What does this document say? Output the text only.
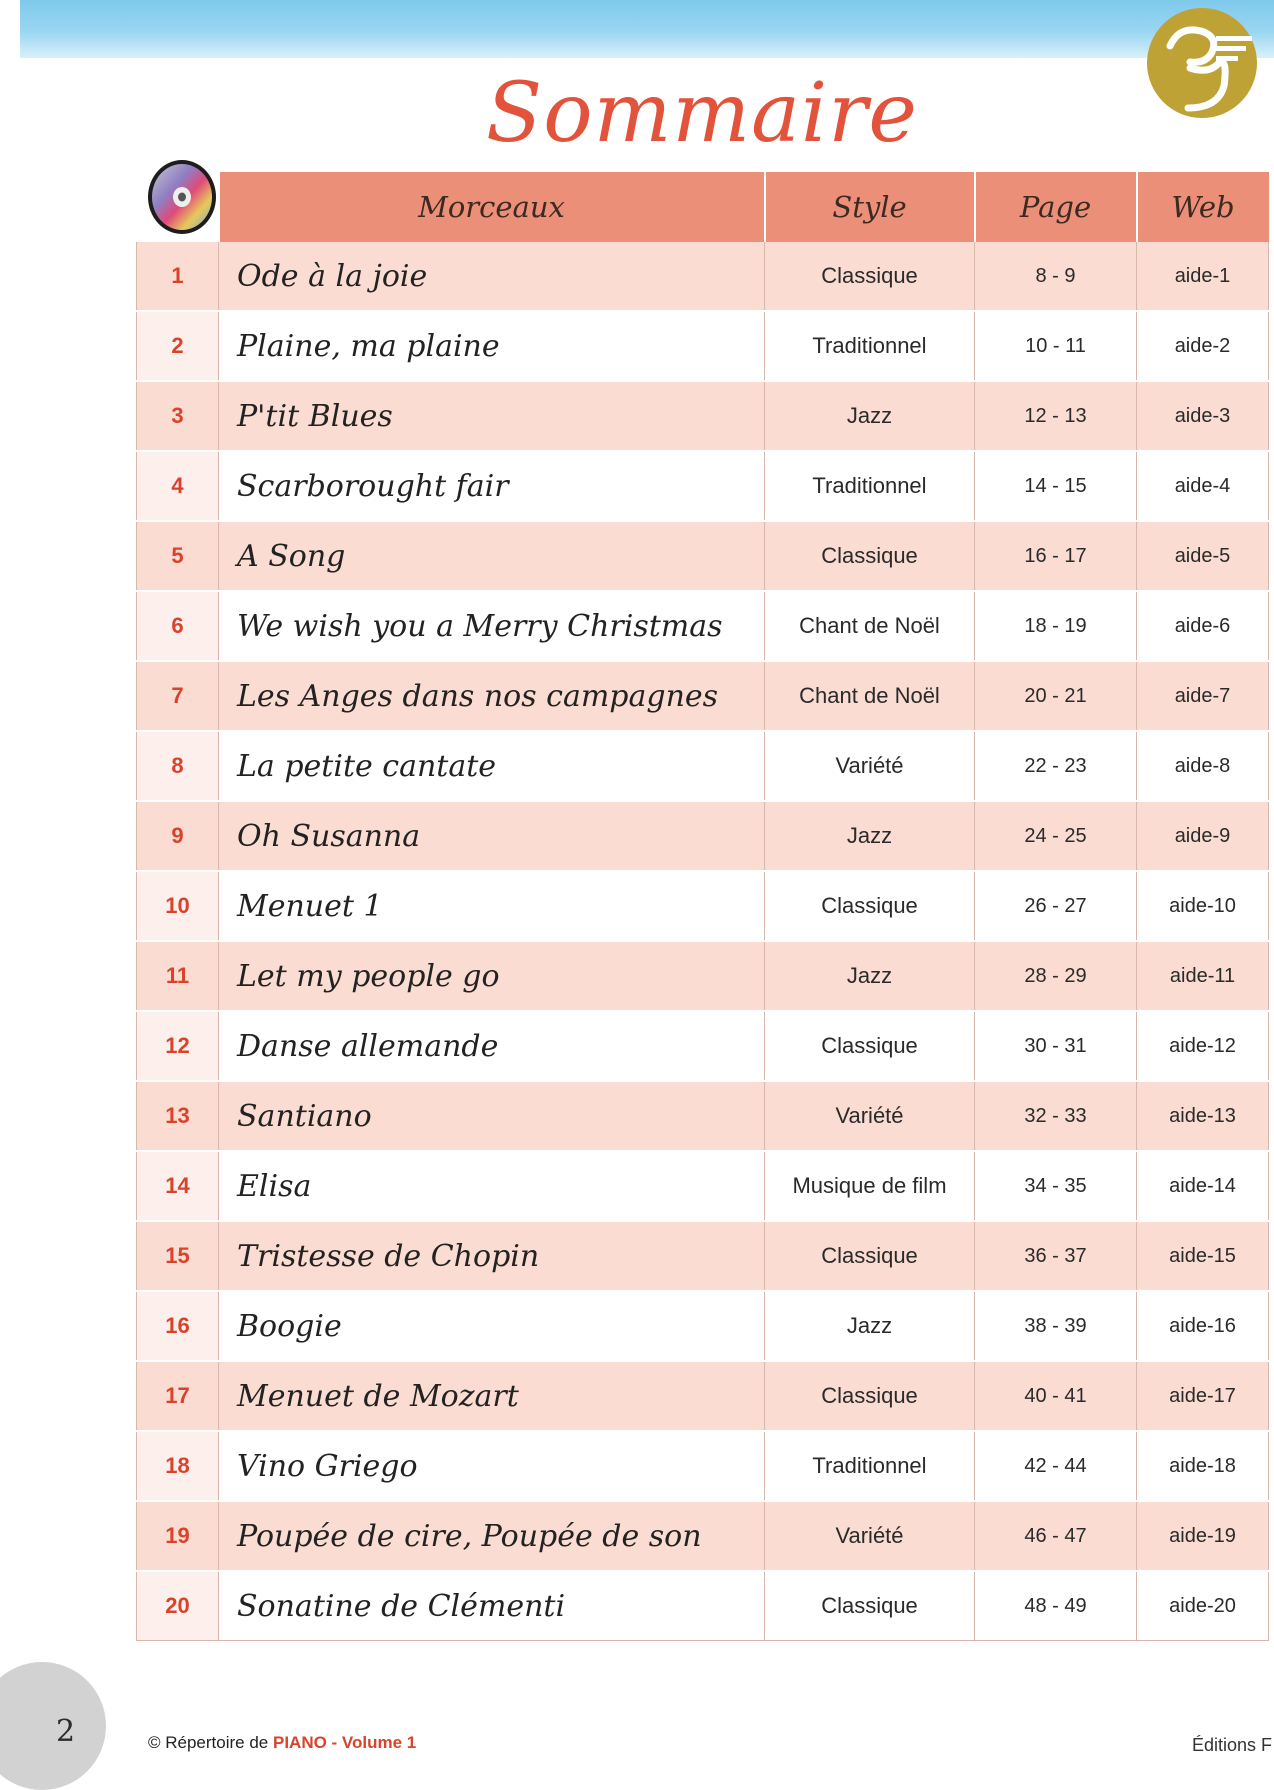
Sommaire
	Morceaux	Style	Page	Web
1	Ode à la joie	Classique	8 - 9	aide-1
2	Plaine, ma plaine	Traditionnel	10 - 11	aide-2
3	P'tit Blues	Jazz	12 - 13	aide-3
4	Scarborought fair	Traditionnel	14 - 15	aide-4
5	A Song	Classique	16 - 17	aide-5
6	We wish you a Merry Christmas	Chant de Noël	18 - 19	aide-6
7	Les Anges dans nos campagnes	Chant de Noël	20 - 21	aide-7
8	La petite cantate	Variété	22 - 23	aide-8
9	Oh Susanna	Jazz	24 - 25	aide-9
10	Menuet 1	Classique	26 - 27	aide-10
11	Let my people go	Jazz	28 - 29	aide-11
12	Danse allemande	Classique	30 - 31	aide-12
13	Santiano	Variété	32 - 33	aide-13
14	Elisa	Musique de film	34 - 35	aide-14
15	Tristesse de Chopin	Classique	36 - 37	aide-15
16	Boogie	Jazz	38 - 39	aide-16
17	Menuet de Mozart	Classique	40 - 41	aide-17
18	Vino Griego	Traditionnel	42 - 44	aide-18
19	Poupée de cire, Poupée de son	Variété	46 - 47	aide-19
20	Sonatine de Clémenti	Classique	48 - 49	aide-20
2	© Répertoire de PIANO - Volume 1	Éditions F
